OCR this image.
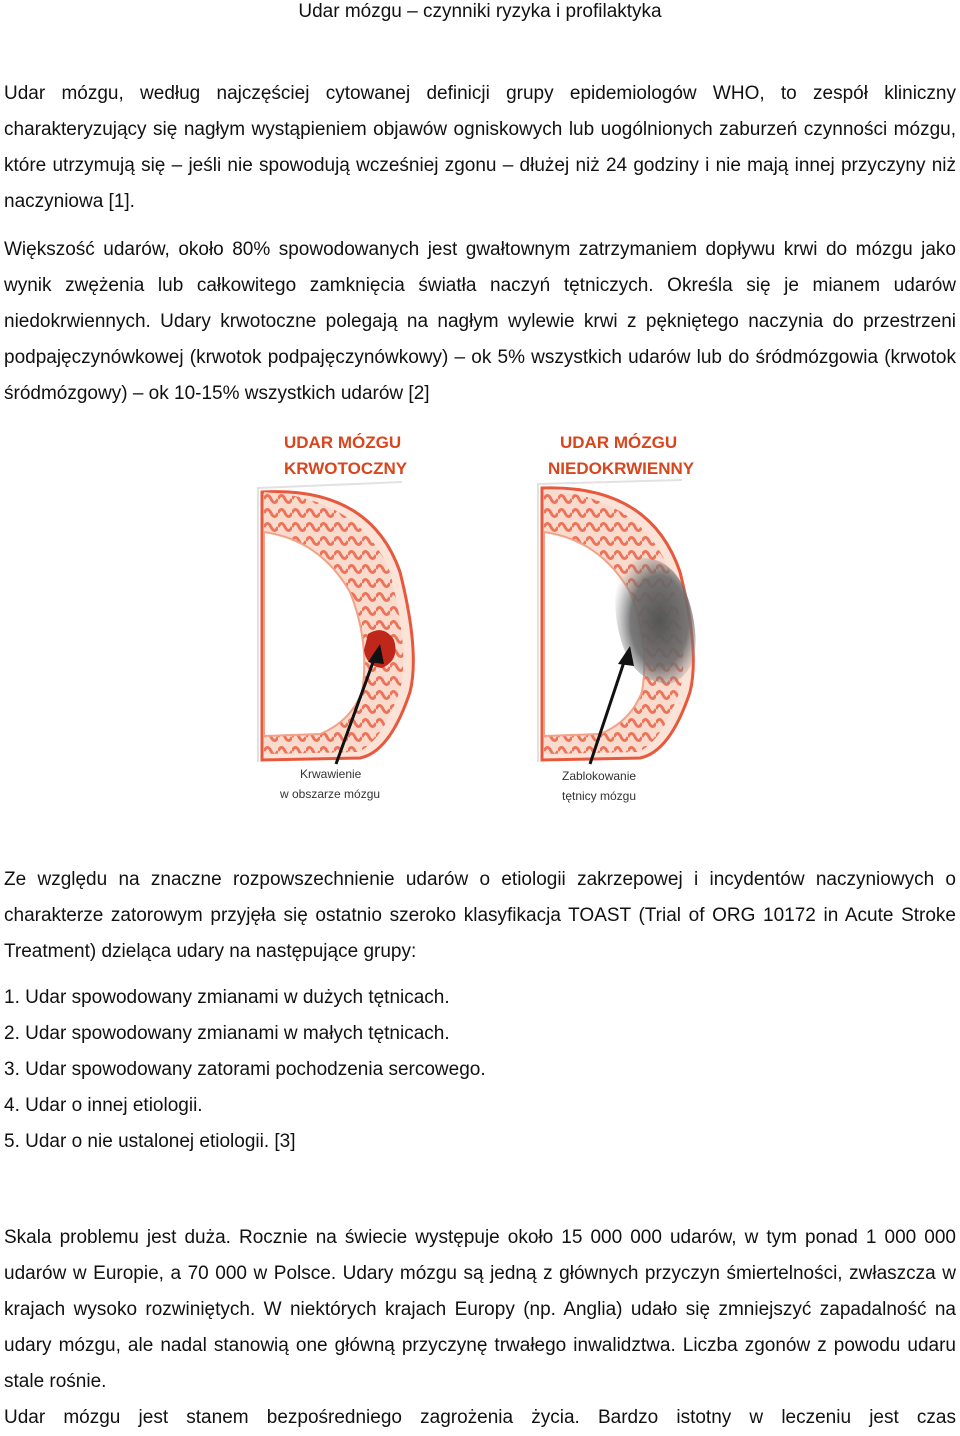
Udar mózgu – czynniki ryzyka i profilaktyka

Udar mózgu, według najczęściej cytowanej definicji grupy epidemiologów WHO, to zespół kliniczny charakteryzujący się nagłym wystąpieniem objawów ogniskowych lub uogólnionych zaburzeń czynności mózgu, które utrzymują się – jeśli nie spowodują wcześniej zgonu – dłużej niż 24 godziny i nie mają innej przyczyny niż naczyniowa [1].

Większość udarów, około 80% spowodowanych jest gwałtownym zatrzymaniem dopływu krwi do mózgu jako wynik zwężenia lub całkowitego zamknięcia światła naczyń tętniczych. Określa się je mianem udarów niedokrwiennych. Udary krwotoczne polegają na nagłym wylewie krwi z pękniętego naczynia do przestrzeni podpajęczynówkowej (krwotok podpajęczynówkowy) – ok 5% wszystkich udarów lub do śródmózgowia (krwotok śródmózgowy) – ok 10-15% wszystkich udarów [2]

UDAR MÓZGU
KRWOTOCZNY
Krwawienie
w obszarze mózgu
UDAR MÓZGU
NIEDOKRWIENNY
Zablokowanie
tętnicy mózgu

Ze względu na znaczne rozpowszechnienie udarów o etiologii zakrzepowej i incydentów naczyniowych o charakterze zatorowym przyjęła się ostatnio szeroko klasyfikacja TOAST (Trial of ORG 10172 in Acute Stroke Treatment) dzieląca udary na następujące grupy:

1. Udar spowodowany zmianami w dużych tętnicach.
2. Udar spowodowany zmianami w małych tętnicach.
3. Udar spowodowany zatorami pochodzenia sercowego.
4. Udar o innej etiologii.
5. Udar o nie ustalonej etiologii. [3]

Skala problemu jest duża. Rocznie na świecie występuje około 15 000 000 udarów, w tym ponad 1 000 000 udarów w Europie, a 70 000 w Polsce. Udary mózgu są jedną z głównych przyczyn śmiertelności, zwłaszcza w krajach wysoko rozwiniętych. W niektórych krajach Europy (np. Anglia) udało się zmniejszyć zapadalność na udary mózgu, ale nadal stanowią one główną przyczynę trwałego inwalidztwa. Liczba zgonów z powodu udaru stale rośnie.

Udar mózgu jest stanem bezpośredniego zagrożenia życia. Bardzo istotny w leczeniu jest czas
